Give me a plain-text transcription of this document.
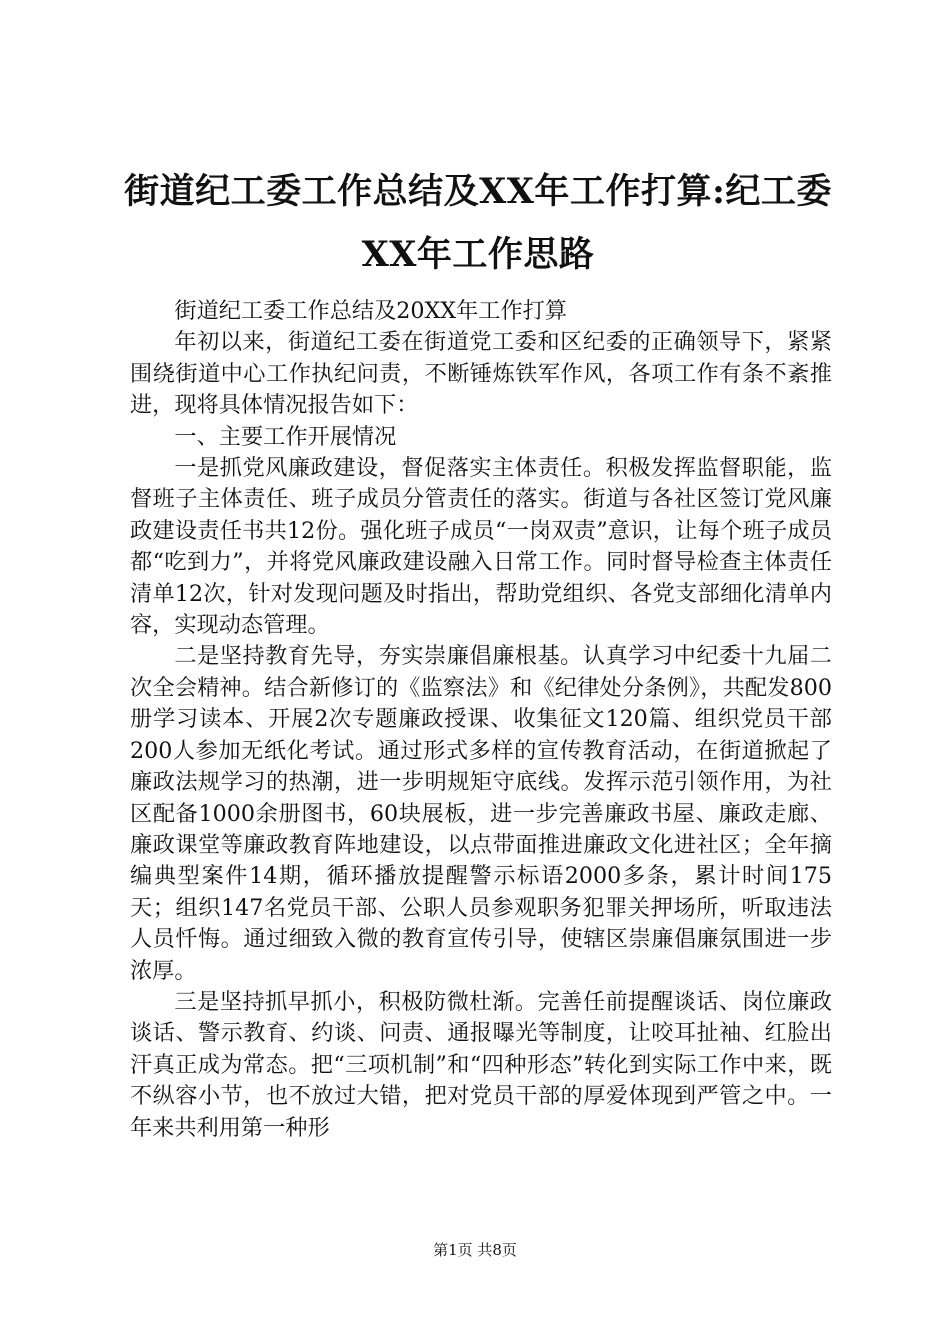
街道纪工委工作总结及XX年工作打算:纪工委XX年工作思路

街道纪工委工作总结及20XX年工作打算

年初以来，街道纪工委在街道党工委和区纪委的正确领导下，紧紧围绕街道中心工作执纪问责，不断锤炼铁军作风，各项工作有条不紊推进，现将具体情况报告如下：

一、主要工作开展情况

一是抓党风廉政建设，督促落实主体责任。积极发挥监督职能，监督班子主体责任、班子成员分管责任的落实。街道与各社区签订党风廉政建设责任书共12份。强化班子成员“一岗双责”意识，让每个班子成员都“吃到力”，并将党风廉政建设融入日常工作。同时督导检查主体责任清单12次，针对发现问题及时指出，帮助党组织、各党支部细化清单内容，实现动态管理。

二是坚持教育先导，夯实崇廉倡廉根基。认真学习中纪委十九届二次全会精神。结合新修订的《监察法》和《纪律处分条例》，共配发800册学习读本、开展2次专题廉政授课、收集征文120篇、组织党员干部200人参加无纸化考试。通过形式多样的宣传教育活动，在街道掀起了廉政法规学习的热潮，进一步明规矩守底线。发挥示范引领作用，为社区配备1000余册图书，60块展板，进一步完善廉政书屋、廉政走廊、廉政课堂等廉政教育阵地建设，以点带面推进廉政文化进社区；全年摘编典型案件14期，循环播放提醒警示标语2000多条，累计时间175天；组织147名党员干部、公职人员参观职务犯罪关押场所，听取违法人员忏悔。通过细致入微的教育宣传引导，使辖区崇廉倡廉氛围进一步浓厚。

三是坚持抓早抓小，积极防微杜渐。完善任前提醒谈话、岗位廉政谈话、警示教育、约谈、问责、通报曝光等制度，让咬耳扯袖、红脸出汗真正成为常态。把“三项机制”和“四种形态”转化到实际工作中来，既不纵容小节，也不放过大错，把对党员干部的厚爱体现到严管之中。一年来共利用第一种形

第1页 共8页
